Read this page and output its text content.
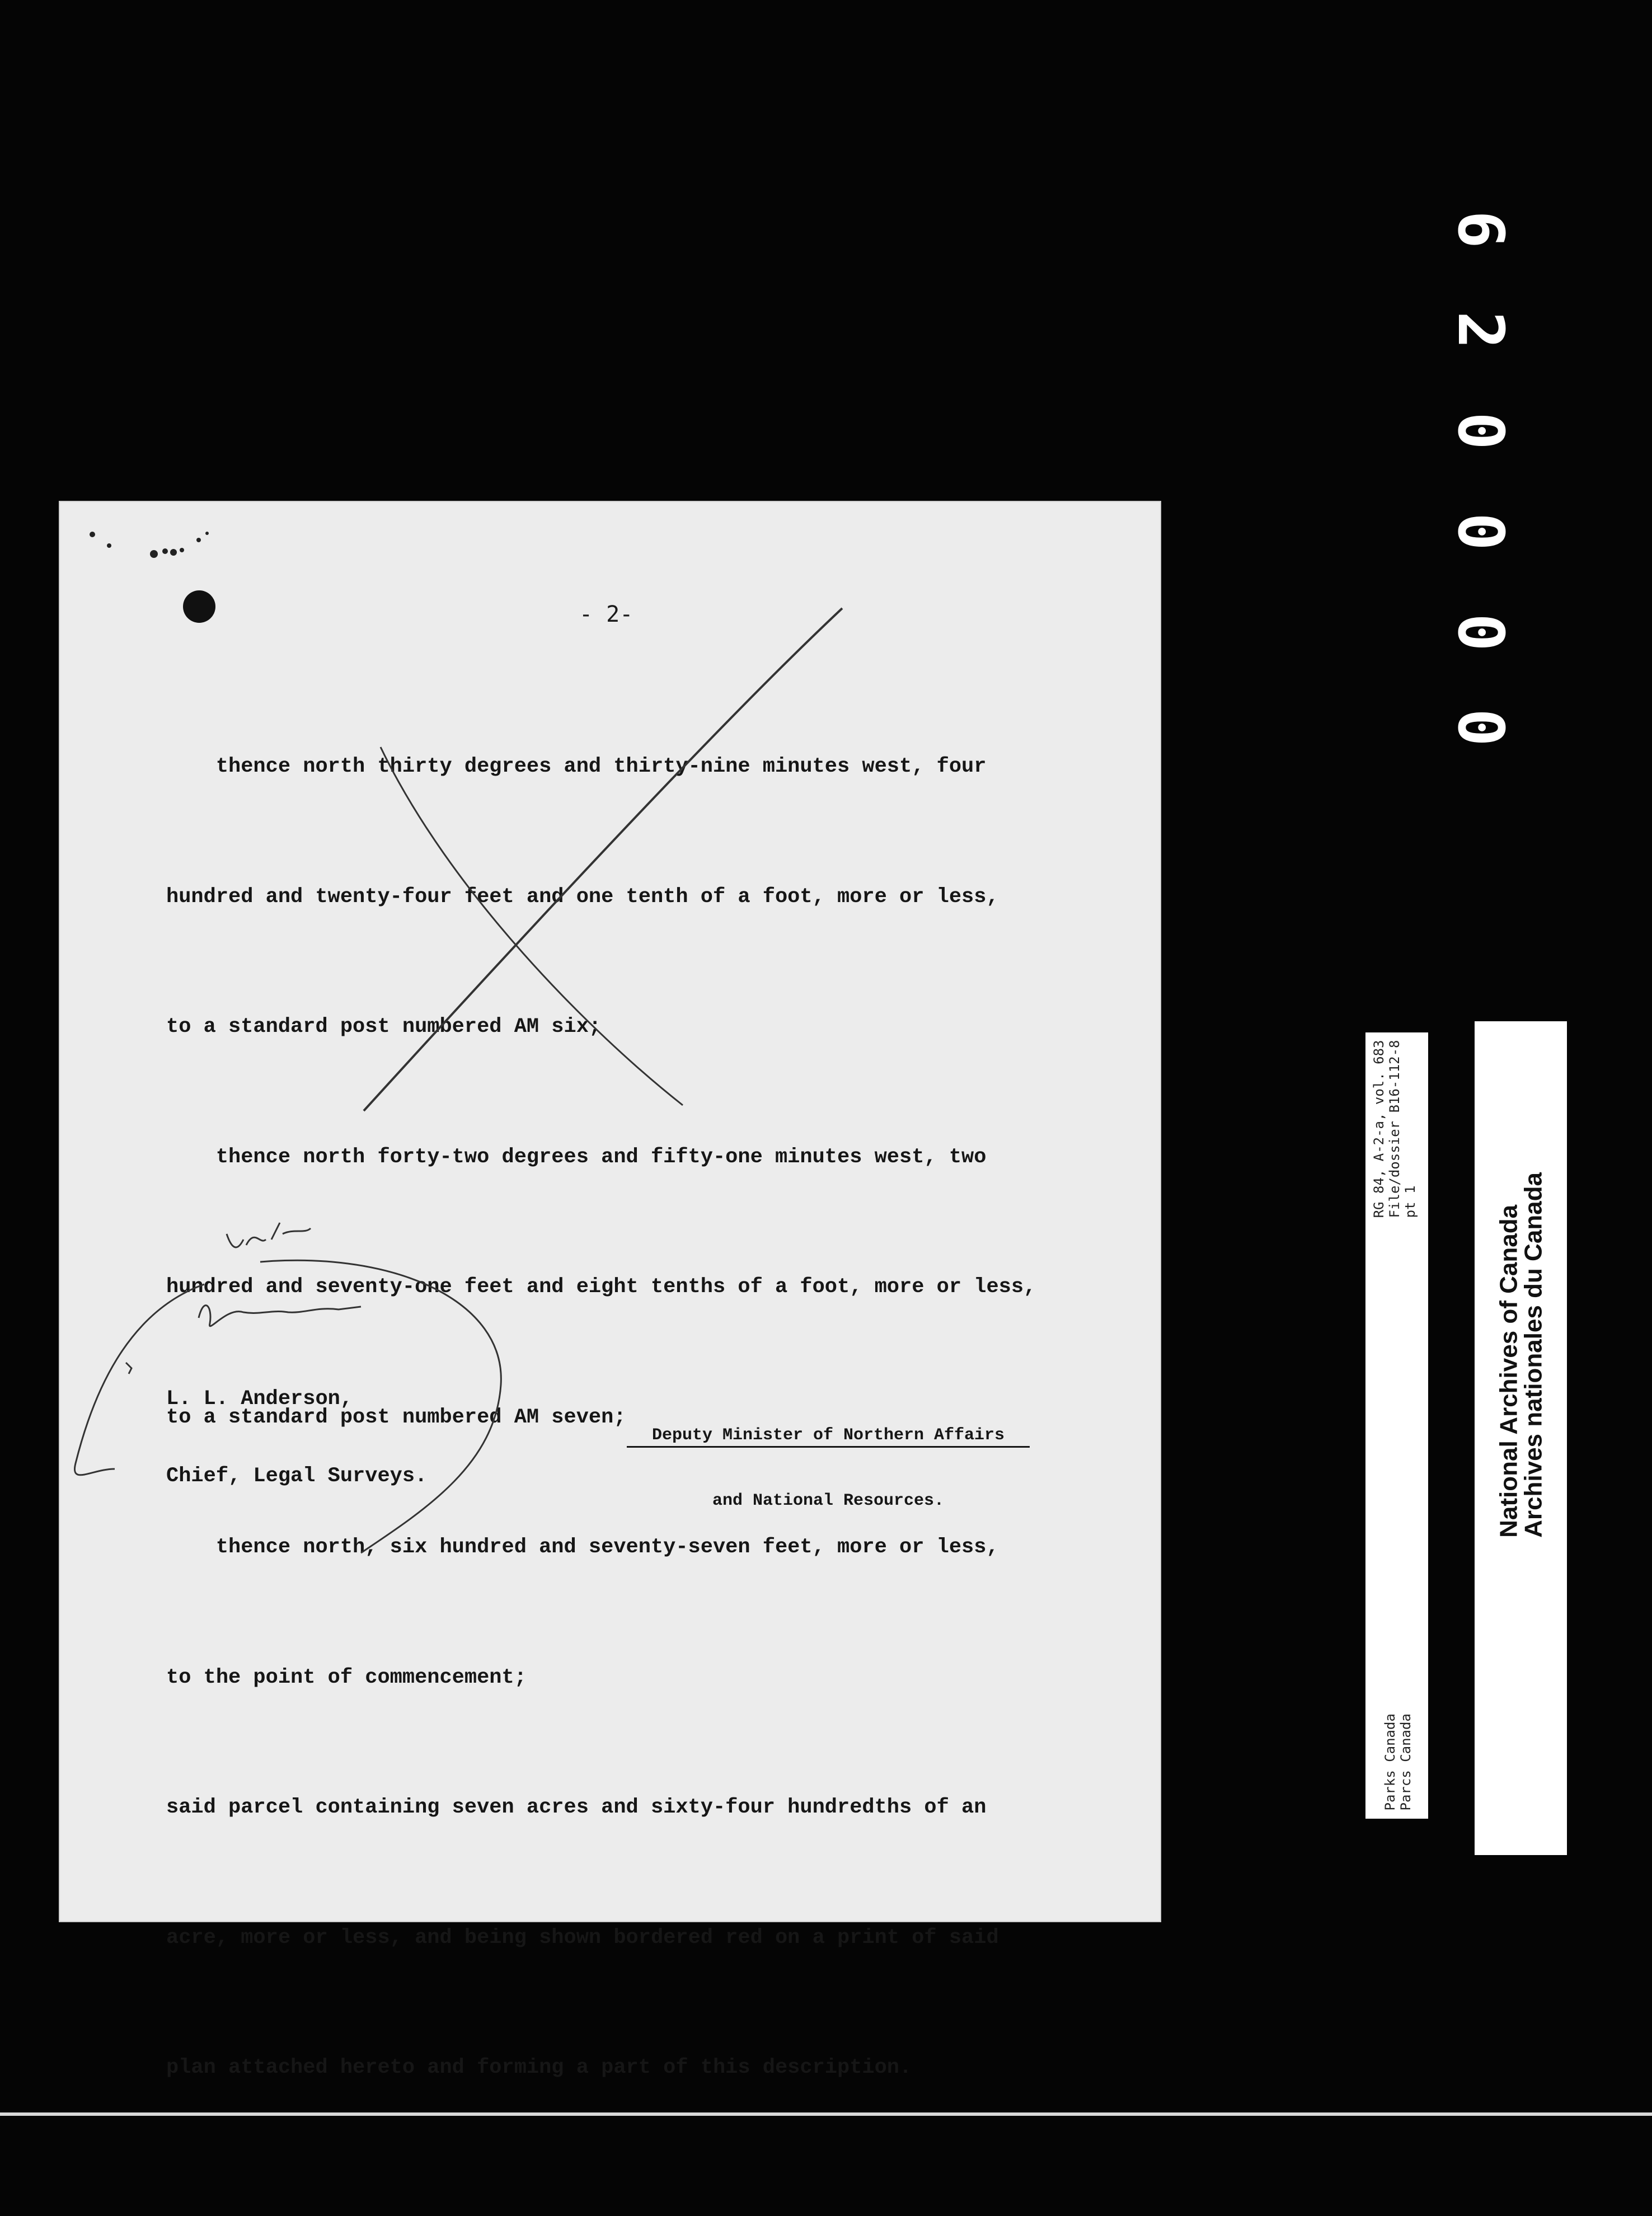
6
2
0
0
0
0
- 2-

thence north thirty degrees and thirty-nine minutes west, four

hundred and twenty-four feet and one tenth of a foot, more or less,

to a standard post numbered AM six;

thence north forty-two degrees and fifty-one minutes west, two

hundred and seventy-one feet and eight tenths of a foot, more or less,

to a standard post numbered AM seven;

thence north, six hundred and seventy-seven feet, more or less,

to the point of commencement;

said parcel containing seven acres and sixty-four hundredths of an

acre, more or less, and being shown bordered red on a print of said

plan attached hereto and forming a part of this description.

L. L. Anderson,

Chief, Legal Surveys.

Deputy Minister of Northern Affairs

and National Resources.

RG 84, A-2-a, vol. 683
File/dossier B16-112-8
pt 1
Parks Canada
Parcs Canada
National Archives of Canada
Archives nationales du Canada
